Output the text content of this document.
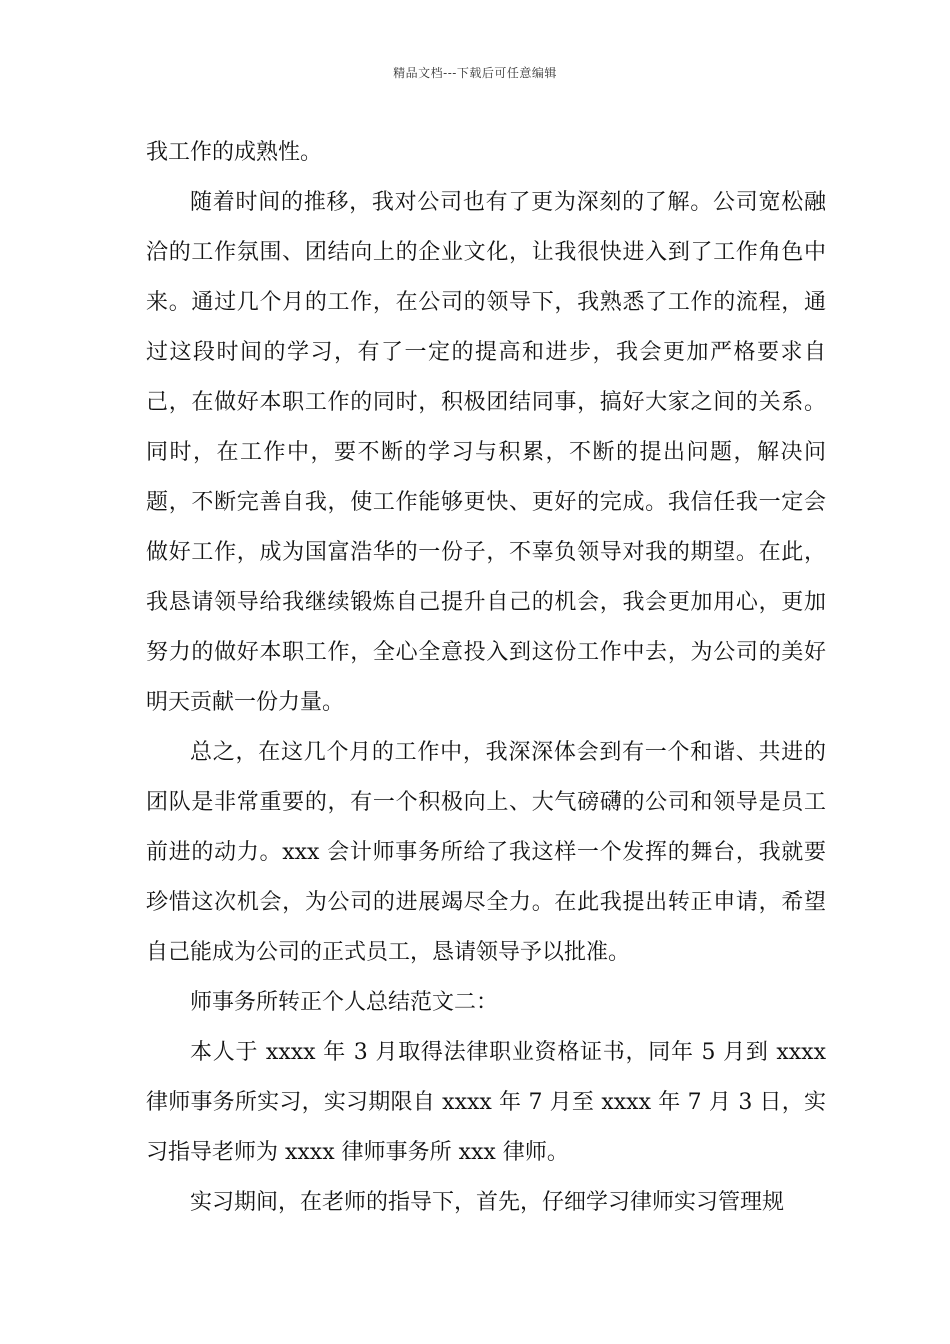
精品文档---下载后可任意编辑

我工作的成熟性。

随着时间的推移，我对公司也有了更为深刻的了解。公司宽松融洽的工作氛围、团结向上的企业文化，让我很快进入到了工作角色中来。通过几个月的工作，在公司的领导下，我熟悉了工作的流程，通过这段时间的学习，有了一定的提高和进步，我会更加严格要求自己，在做好本职工作的同时，积极团结同事，搞好大家之间的关系。同时，在工作中，要不断的学习与积累，不断的提出问题，解决问题，不断完善自我，使工作能够更快、更好的完成。我信任我一定会做好工作，成为国富浩华的一份子，不辜负领导对我的期望。在此，我恳请领导给我继续锻炼自己提升自己的机会，我会更加用心，更加努力的做好本职工作，全心全意投入到这份工作中去，为公司的美好明天贡献一份力量。

总之，在这几个月的工作中，我深深体会到有一个和谐、共进的团队是非常重要的，有一个积极向上、大气磅礴的公司和领导是员工前进的动力。xxx 会计师事务所给了我这样一个发挥的舞台，我就要珍惜这次机会，为公司的进展竭尽全力。在此我提出转正申请，希望自己能成为公司的正式员工，恳请领导予以批准。

师事务所转正个人总结范文二：

本人于 xxxx 年 3 月取得法律职业资格证书，同年 5 月到 xxxx 律师事务所实习，实习期限自 xxxx 年 7 月至 xxxx 年 7 月 3 日，实习指导老师为 xxxx 律师事务所 xxx 律师。

实习期间，在老师的指导下，首先，仔细学习律师实习管理规
